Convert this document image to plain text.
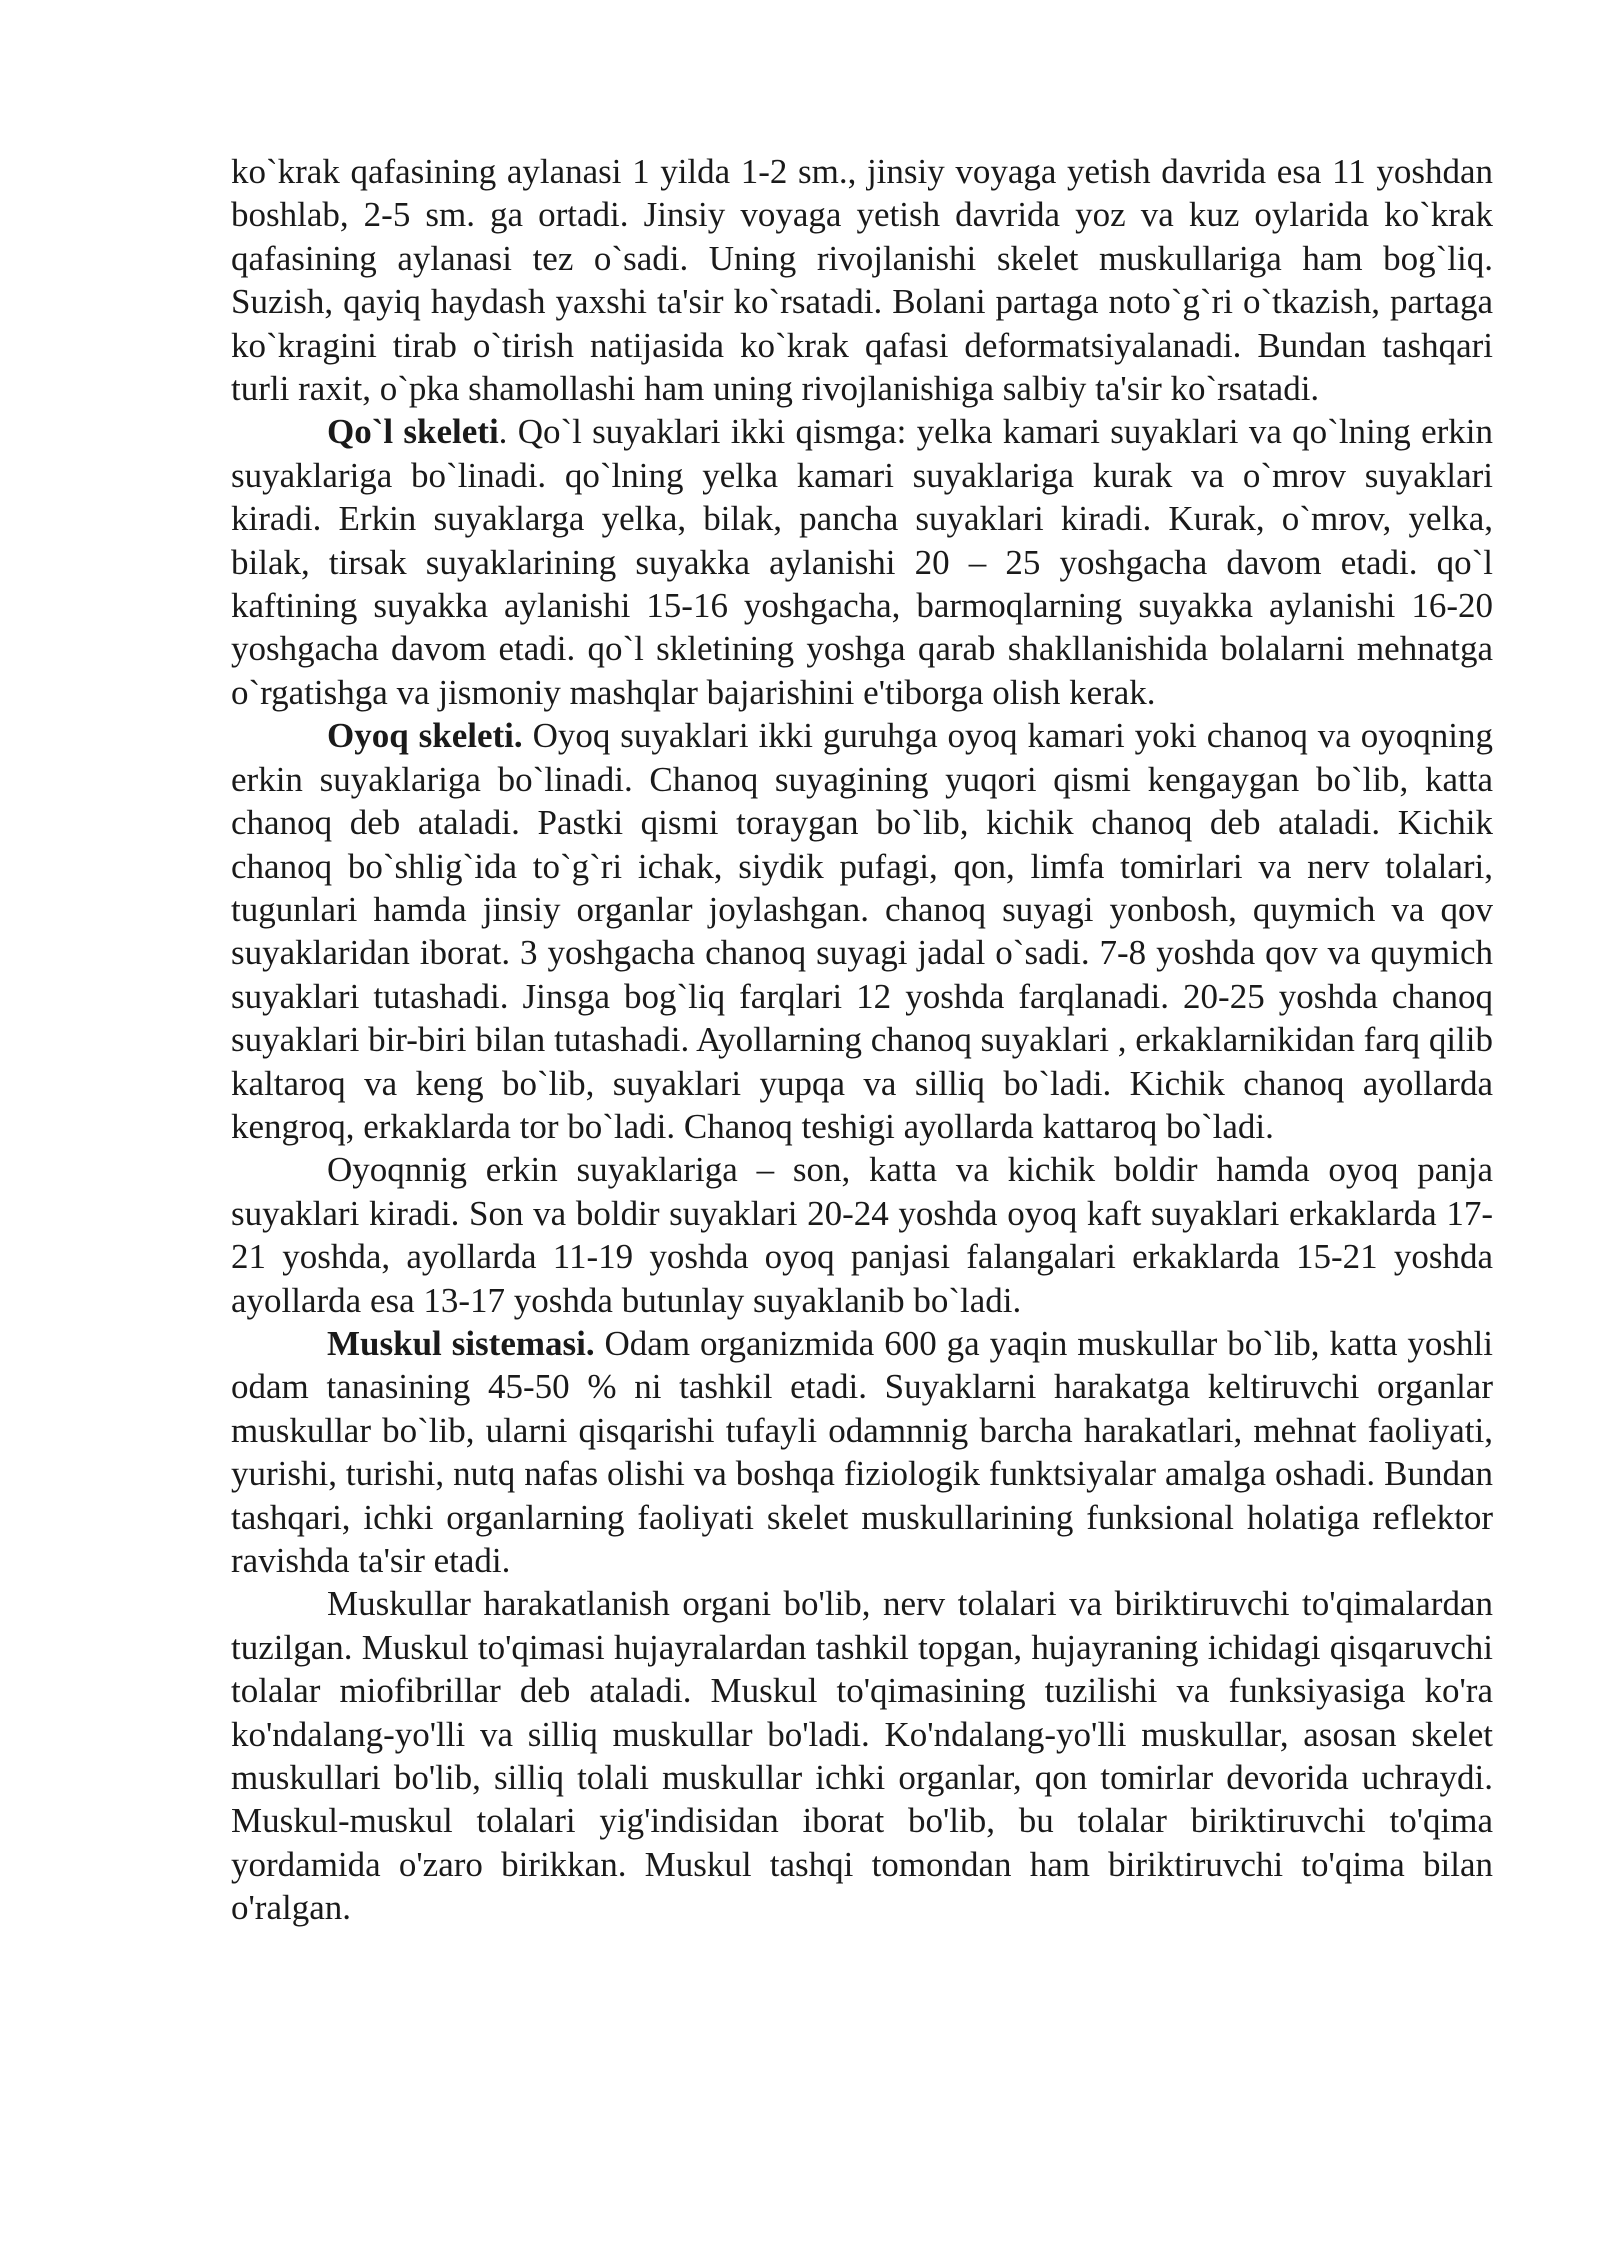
ko`krak qafasining aylanasi 1 yilda 1-2 sm., jinsiy voyaga yetish davrida esa 11 yoshdan boshlab, 2-5 sm. ga ortadi. Jinsiy voyaga yetish davrida yoz va kuz oylarida ko`krak qafasining aylanasi tez o`sadi. Uning rivojlanishi skelet muskullariga ham bog`liq. Suzish, qayiq haydash yaxshi ta'sir ko`rsatadi. Bolani partaga noto`g`ri o`tkazish, partaga ko`kragini tirab o`tirish natijasida ko`krak qafasi deformatsiyalanadi. Bundan tashqari turli raxit, o`pka shamollashi ham uning rivojlanishiga salbiy ta'sir ko`rsatadi.

Qo`l skeleti. Qo`l suyaklari ikki qismga: yelka kamari suyaklari va qo`lning erkin suyaklariga bo`linadi. qo`lning yelka kamari suyaklariga kurak va o`mrov suyaklari kiradi. Erkin suyaklarga yelka, bilak, pancha suyaklari kiradi. Kurak, o`mrov, yelka, bilak, tirsak suyaklarining suyakka aylanishi 20 – 25 yoshgacha davom etadi. qo`l kaftining suyakka aylanishi 15-16 yoshgacha, barmoqlarning suyakka aylanishi 16-20 yoshgacha davom etadi. qo`l skletining yoshga qarab shakllanishida bolalarni mehnatga o`rgatishga va jismoniy mashqlar bajarishini e'tiborga olish kerak.

Oyoq skeleti. Oyoq suyaklari ikki guruhga oyoq kamari yoki chanoq va oyoqning erkin suyaklariga bo`linadi. Chanoq suyagining yuqori qismi kengaygan bo`lib, katta chanoq deb ataladi. Pastki qismi toraygan bo`lib, kichik chanoq deb ataladi. Kichik chanoq bo`shlig`ida to`g`ri ichak, siydik pufagi, qon, limfa tomirlari va nerv tolalari, tugunlari hamda jinsiy organlar joylashgan. chanoq suyagi yonbosh, quymich va qov suyaklaridan iborat. 3 yoshgacha chanoq suyagi jadal o`sadi. 7-8 yoshda qov va quymich suyaklari tutashadi. Jinsga bog`liq farqlari 12 yoshda farqlanadi. 20-25 yoshda chanoq suyaklari bir-biri bilan tutashadi. Ayollarning chanoq suyaklari , erkaklarnikidan farq qilib kaltaroq va keng bo`lib, suyaklari yupqa va silliq bo`ladi. Kichik chanoq ayollarda kengroq, erkaklarda tor bo`ladi. Chanoq teshigi ayollarda kattaroq bo`ladi.

Oyoqnnig erkin suyaklariga – son, katta va kichik boldir hamda oyoq panja suyaklari kiradi. Son va boldir suyaklari 20-24 yoshda oyoq kaft suyaklari erkaklarda 17-21 yoshda, ayollarda 11-19 yoshda oyoq panjasi falangalari erkaklarda 15-21 yoshda ayollarda esa 13-17 yoshda butunlay suyaklanib bo`ladi.

Muskul sistemasi. Odam organizmida 600 ga yaqin muskullar bo`lib, katta yoshli odam tanasining 45-50 % ni tashkil etadi. Suyaklarni harakatga keltiruvchi organlar muskullar bo`lib, ularni qisqarishi tufayli odamnnig barcha harakatlari, mehnat faoliyati, yurishi, turishi, nutq nafas olishi va boshqa fiziologik funktsiyalar amalga oshadi. Bundan tashqari, ichki organlarning faoliyati skelet muskullarining funksional holatiga reflektor ravishda ta'sir etadi.

Muskullar harakatlanish organi bo'lib, nerv tolalari va biriktiruvchi to'qimalardan tuzilgan. Muskul to'qimasi hujayralardan tashkil topgan, hujayraning ichidagi qisqaruvchi tolalar miofibrillar deb ataladi. Muskul to'qimasining tuzilishi va funksiyasiga ko'ra ko'ndalang-yo'lli va silliq muskullar bo'ladi. Ko'ndalang-yo'lli muskullar, asosan skelet muskullari bo'lib, silliq tolali muskullar ichki organlar, qon tomirlar devorida uchraydi. Muskul-muskul tolalari yig'indisidan iborat bo'lib, bu tolalar biriktiruvchi to'qima yordamida o'zaro birikkan. Muskul tashqi tomondan ham biriktiruvchi to'qima bilan o'ralgan.
